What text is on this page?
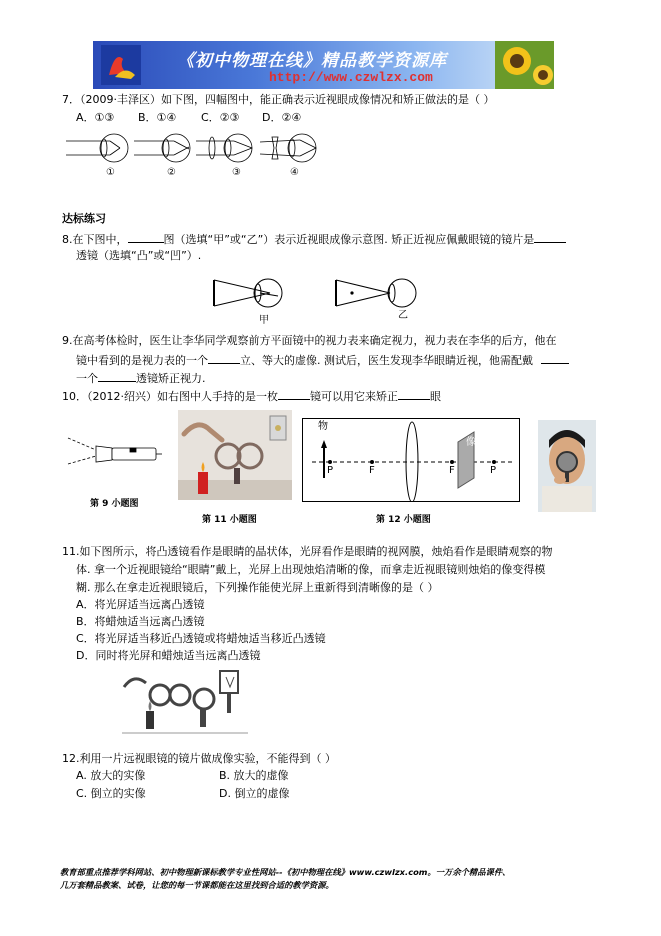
《初中物理在线》精品教学资源库
http://www.czwlzx.com
7．（2009·丰泽区）如下图，四幅图中，能正确表示近视眼成像情况和矫正做法的是（ ）
A．①③ B．①④ C．②③ D．②④
①	②	③	④
达标练习
8.在下图中，	图（选填“甲”或“乙”）表示近视眼成像示意图. 矫正近视应佩戴眼镜的镜片是
透镜（选填“凸”或“凹”）.
甲	乙
9.在高考体检时，医生让李华同学观察前方平面镜中的视力表来确定视力，视力表在李华的后方，他在
镜中看到的是视力表的一个	立、等大的虚像. 测试后，医生发现李华眼睛近视，他需配戴
一个	透镜矫正视力.
10．（2012·绍兴）如右图中人手持的是一枚	镜可以用它来矫正	眼
第 9 小题图
第 11 小题图
物
P	F	F	P
像
第 12 小题图
11.如下图所示，将凸透镜看作是眼睛的晶状体，光屏看作是眼睛的视网膜，烛焰看作是眼睛观察的物
体. 拿一个近视眼镜给“眼睛”戴上，光屏上出现烛焰清晰的像，而拿走近视眼镜则烛焰的像变得模
糊. 那么在拿走近视眼镜后，下列操作能使光屏上重新得到清晰像的是（ ）
A．将光屏适当远离凸透镜
B．将蜡烛适当远离凸透镜
C．将光屏适当移近凸透镜或将蜡烛适当移近凸透镜
D．同时将光屏和蜡烛适当远离凸透镜
12.利用一片远视眼镜的镜片做成像实验，不能得到（ ）
A. 放大的实像	B. 放大的虚像
C. 倒立的实像	D. 倒立的虚像
教育部重点推荐学科网站、初中物理新课标教学专业性网站--《初中物理在线》www.czwlzx.com。一万余个精品课件、
几万套精品教案、试卷，让您的每一节课都能在这里找到合适的教学资源。
